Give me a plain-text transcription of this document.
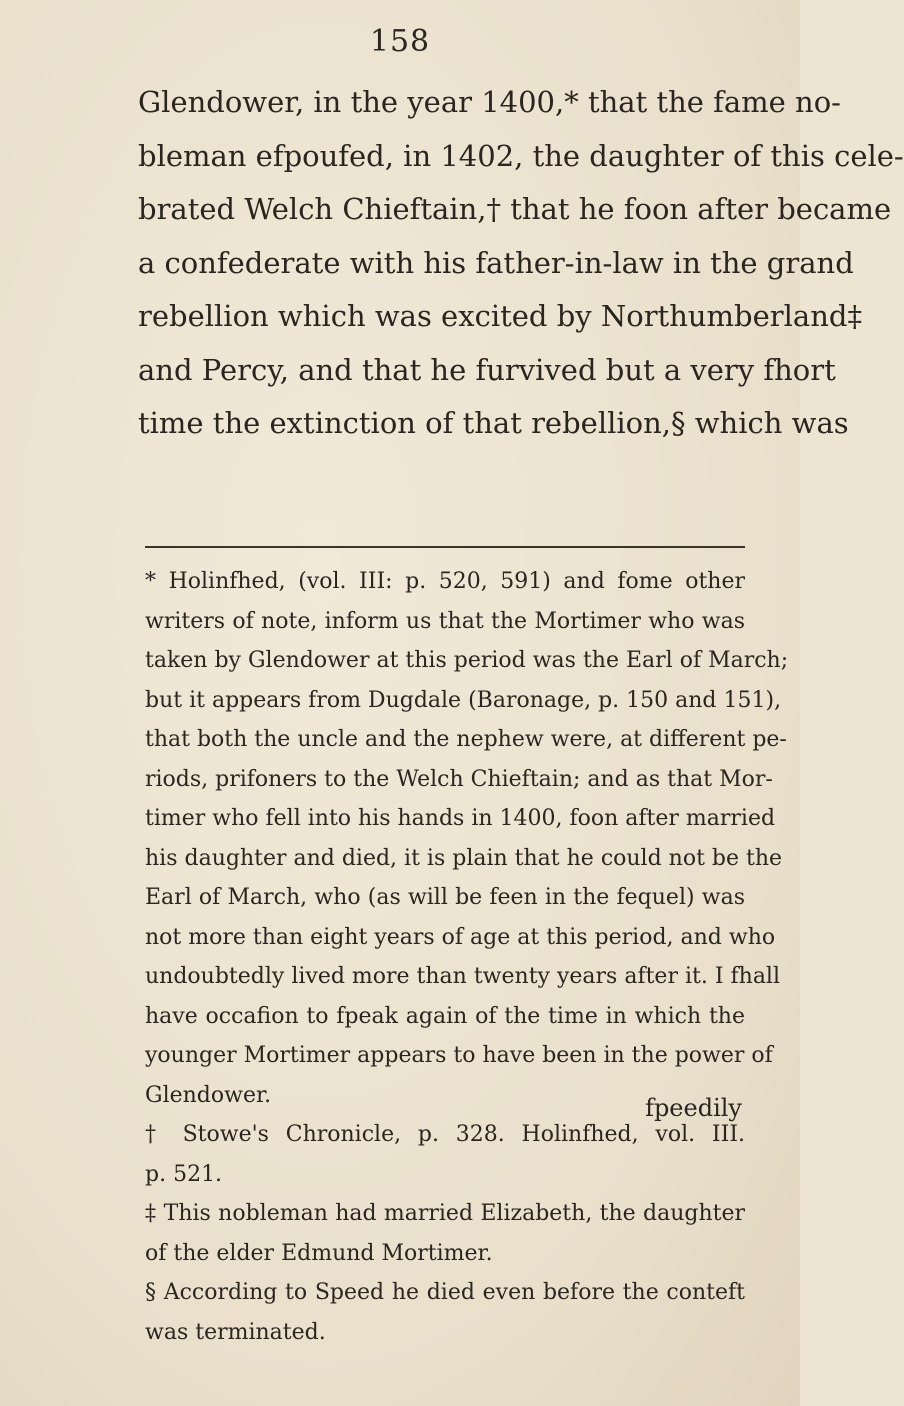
158
Glendower, in the year 1400,* that the fame no-
bleman efpoufed, in 1402, the daughter of this cele-
brated Welch Chieftain,† that he foon after became
a confederate with his father-in-law in the grand
rebellion which was excited by Northumberland‡
and Percy, and that he furvived but a very fhort
time the extinction of that rebellion,§ which was
* Holinfhed, (vol. III: p. 520, 591) and fome other
writers of note, inform us that the Mortimer who was
taken by Glendower at this period was the Earl of March;
but it appears from Dugdale (Baronage, p. 150 and 151),
that both the uncle and the nephew were, at different pe-
riods, prifoners to the Welch Chieftain; and as that Mor-
timer who fell into his hands in 1400, foon after married
his daughter and died, it is plain that he could not be the
Earl of March, who (as will be feen in the fequel) was
not more than eight years of age at this period, and who
undoubtedly lived more than twenty years after it. I fhall
have occafion to fpeak again of the time in which the
younger Mortimer appears to have been in the power of
Glendower.
† Stowe's Chronicle, p. 328. Holinfhed, vol. III.
p. 521.
‡ This nobleman had married Elizabeth, the daughter
of the elder Edmund Mortimer.
§ According to Speed he died even before the conteft
was terminated.
fpeedily
